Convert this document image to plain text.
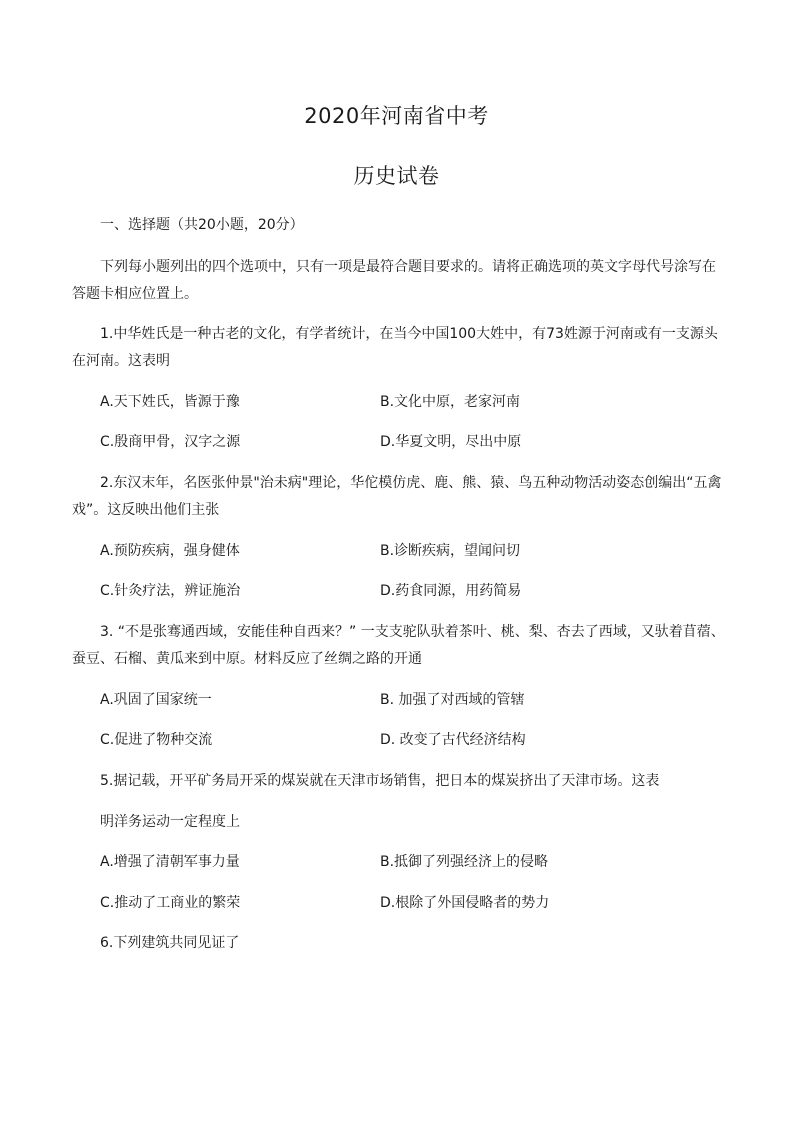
2020年河南省中考
历史试卷
一、选择题（共20小题，20分）
下列每小题列出的四个选项中，只有一项是最符合题目要求的。请将正确选项的英文字母代号涂写在
答题卡相应位置上。
1.中华姓氏是一种古老的文化，有学者统计，在当今中国100大姓中，有73姓源于河南或有一支源头
在河南。这表明
A.天下姓氏，皆源于豫	B.文化中原，老家河南
C.殷商甲骨，汉字之源	D.华夏文明，尽出中原
2.东汉末年，名医张仲景"治未病"理论，华佗模仿虎、鹿、熊、猿、鸟五种动物活动姿态创编出“五禽
戏”。这反映出他们主张
A.预防疾病，强身健体	B.诊断疾病，望闻问切
C.针灸疗法，辨证施治	D.药食同源，用药简易
3. “不是张骞通西域，安能佳种自西来？” 一支支驼队驮着茶叶、桃、梨、杏去了西域，又驮着苜蓿、
蚕豆、石榴、黄瓜来到中原。材料反应了丝绸之路的开通
A.巩固了国家统一	B. 加强了对西域的管辖
C.促进了物种交流	D. 改变了古代经济结构
5.据记载，开平矿务局开采的煤炭就在天津市场销售，把日本的煤炭挤出了天津市场。这表
明洋务运动一定程度上
A.增强了清朝军事力量	B.抵御了列强经济上的侵略
C.推动了工商业的繁荣	D.根除了外国侵略者的势力
6.下列建筑共同见证了
